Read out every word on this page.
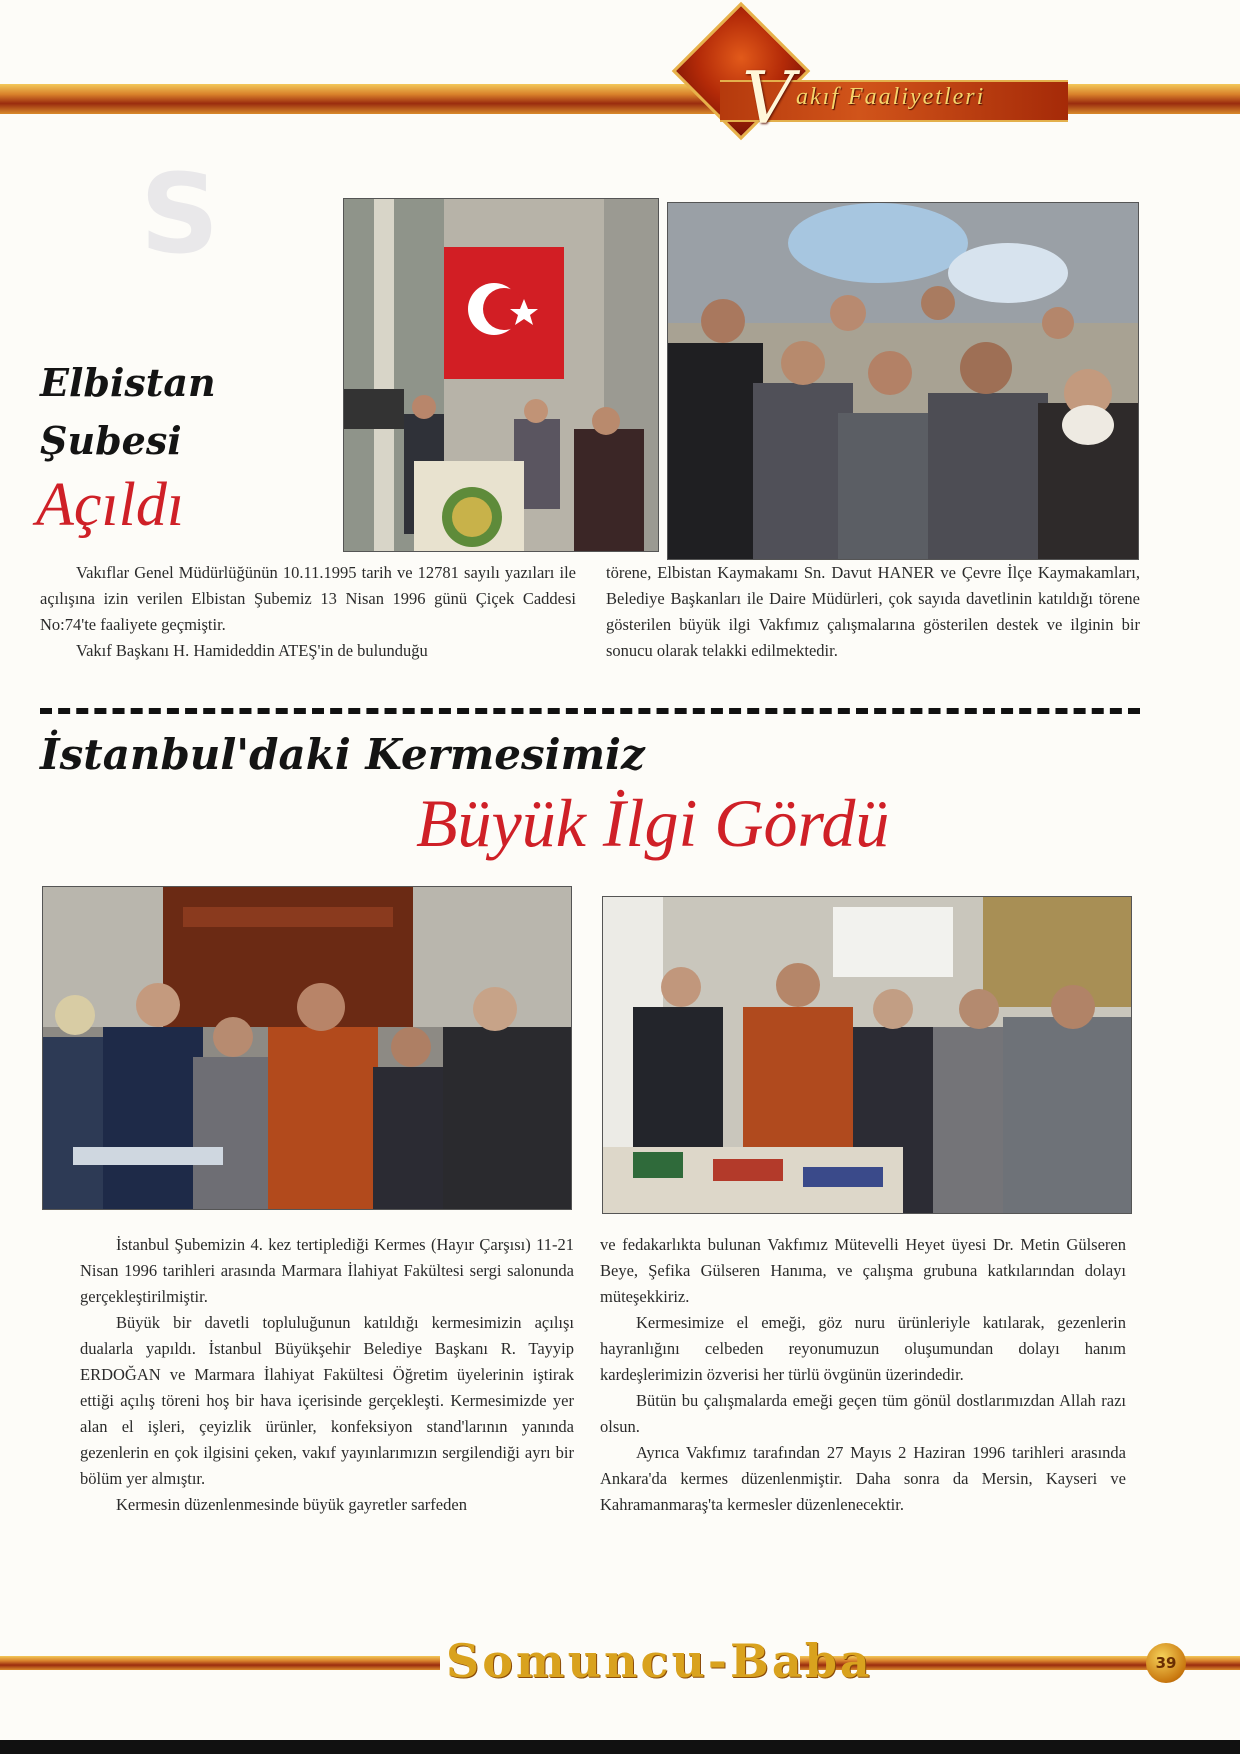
V akıf Faaliyetleri
S
Elbistan
Şubesi
Açıldı

Vakıflar Genel Müdürlüğünün 10.11.1995 tarih ve 12781 sayılı yazıları ile açılışına izin verilen Elbistan Şubemiz 13 Nisan 1996 günü Çiçek Caddesi No:74'te faaliyete geçmiştir.

Vakıf Başkanı H. Hamideddin ATEŞ'in de bulunduğu

törene, Elbistan Kaymakamı Sn. Davut HANER ve Çevre İlçe Kaymakamları, Belediye Başkanları ile Daire Müdürleri, çok sayıda davetlinin katıldığı törene gösterilen büyük ilgi Vakfımız çalışmalarına gösterilen destek ve ilginin bir sonucu olarak telakki edilmektedir.

İstanbul'daki Kermesimiz
Büyük İlgi Gördü

İstanbul Şubemizin 4. kez tertiplediği Kermes (Hayır Çarşısı) 11-21 Nisan 1996 tarihleri arasında Marmara İlahiyat Fakültesi sergi salonunda gerçekleştirilmiştir.

Büyük bir davetli topluluğunun katıldığı kermesimizin açılışı dualarla yapıldı. İstanbul Büyükşehir Belediye Başkanı R. Tayyip ERDOĞAN ve Marmara İlahiyat Fakültesi Öğretim üyelerinin iştirak ettiği açılış töreni hoş bir hava içerisinde gerçekleşti. Kermesimizde yer alan el işleri, çeyizlik ürünler, konfeksiyon stand'larının yanında gezenlerin en çok ilgisini çeken, vakıf yayınlarımızın sergilendiği ayrı bir bölüm yer almıştır.

Kermesin düzenlenmesinde büyük gayretler sarfeden

ve fedakarlıkta bulunan Vakfımız Mütevelli Heyet üyesi Dr. Metin Gülseren Beye, Şefika Gülseren Hanıma, ve çalışma grubuna katkılarından dolayı müteşekkiriz.

Kermesimize el emeği, göz nuru ürünleriyle katılarak, gezenlerin hayranlığını celbeden reyonumuzun oluşumundan dolayı hanım kardeşlerimizin özverisi her türlü övgünün üzerindedir.

Bütün bu çalışmalarda emeği geçen tüm gönül dostlarımızdan Allah razı olsun.

Ayrıca Vakfımız tarafından 27 Mayıs 2 Haziran 1996 tarihleri arasında Ankara'da kermes düzenlenmiştir. Daha sonra da Mersin, Kayseri ve Kahramanmaraş'ta kermesler düzenlenecektir.

Somuncu-Baba	39
